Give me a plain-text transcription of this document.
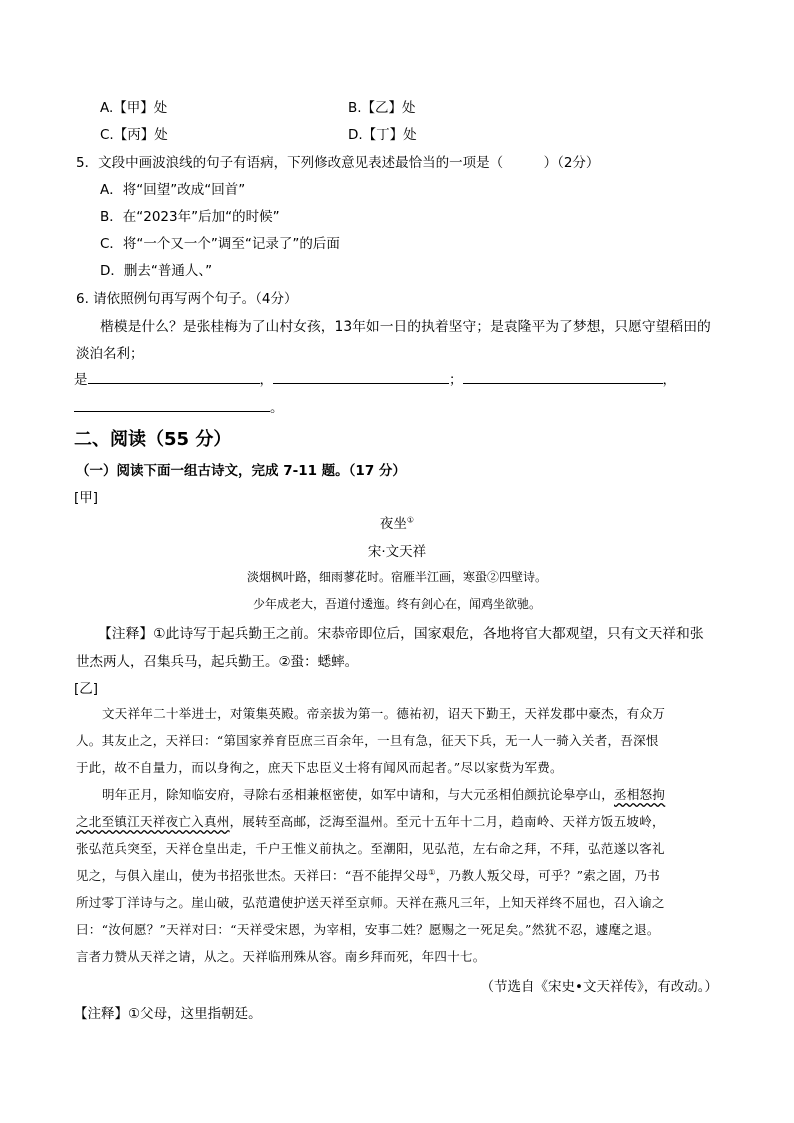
A.【甲】处	B.【乙】处
C.【丙】处	D.【丁】处
5．文段中画波浪线的句子有语病，下列修改意见表述最恰当的一项是（　　　）（2分）
A．将“回望”改成“回首”
B．在“2023年”后加“的时候”
C．将“一个又一个”调至“记录了”的后面
D．删去“普通人、”
6. 请依照例句再写两个句子。（4分）
楷模是什么？是张桂梅为了山村女孩，13年如一日的执着坚守；是袁隆平为了梦想，只愿守望稻田的
淡泊名利；
是	，	；	，
。
二、阅读（55 分）
（一）阅读下面一组古诗文，完成 7-11 题。（17 分）
[甲]
夜坐①
宋·文天祥
淡烟枫叶路，细雨蓼花时。宿雁半江画，寒蛩②四壁诗。
少年成老大，吾道付逶迤。终有剑心在，闻鸡坐欲驰。
【注释】①此诗写于起兵勤王之前。宋恭帝即位后，国家艰危，各地将官大都观望，只有文天祥和张
世杰两人，召集兵马，起兵勤王。②蛩：蟋蟀。
[乙]
文天祥年二十举进士，对策集英殿。帝亲拔为第一。德祐初，诏天下勤王，天祥发郡中豪杰，有众万
人。其友止之，天祥曰：“第国家养育臣庶三百余年，一旦有急，征天下兵，无一人一骑入关者，吾深恨
于此，故不自量力，而以身徇之，庶天下忠臣义士将有闻风而起者。”尽以家赀为军费。
明年正月，除知临安府，寻除右丞相兼枢密使，如军中请和，与大元丞相伯颜抗论皋亭山，丞相怒拘
之北至镇江天祥夜亡入真州，展转至高邮，泛海至温州。至元十五年十二月，趋南岭、天祥方饭五坡岭，
张弘范兵突至，天祥仓皇出走，千户王惟义前执之。至潮阳，见弘范，左右命之拜，不拜，弘范遂以客礼
见之，与俱入崖山，使为书招张世杰。天祥曰：“吾不能捍父母①，乃教人叛父母，可乎？”索之固，乃书
所过零丁洋诗与之。崖山破，弘范遣使护送天祥至京师。天祥在燕凡三年，上知天祥终不屈也，召入谕之
曰：“汝何愿？”天祥对曰：“天祥受宋恩，为宰相，安事二姓？愿赐之一死足矣。”然犹不忍，遽麾之退。
言者力赞从天祥之请，从之。天祥临刑殊从容。南乡拜而死，年四十七。
（节选自《宋史•文天祥传》，有改动。）
【注释】①父母，这里指朝廷。
